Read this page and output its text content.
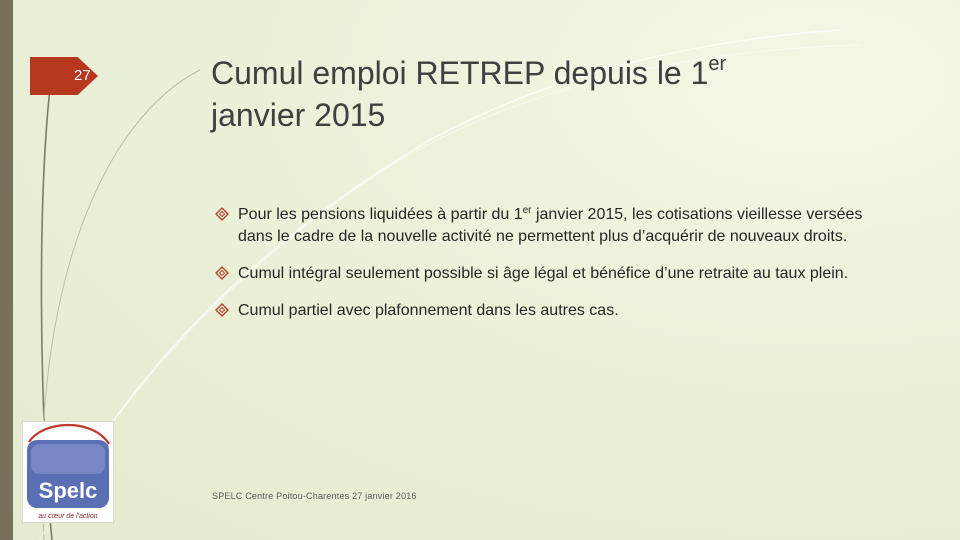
27	Cumul emploi RETREP depuis le 1er
janvier 2015
Pour les pensions liquidées à partir du 1er janvier 2015, les cotisations vieillesse versées dans le cadre de la nouvelle activité ne permettent plus d’acquérir de nouveaux droits.
Cumul intégral seulement possible si âge légal et bénéfice d’une retraite au taux plein.
Cumul partiel avec plafonnement dans les autres cas.
Spelc
au cœur de l'action
SPELC Centre Poitou-Charentes 27 janvier 2016
